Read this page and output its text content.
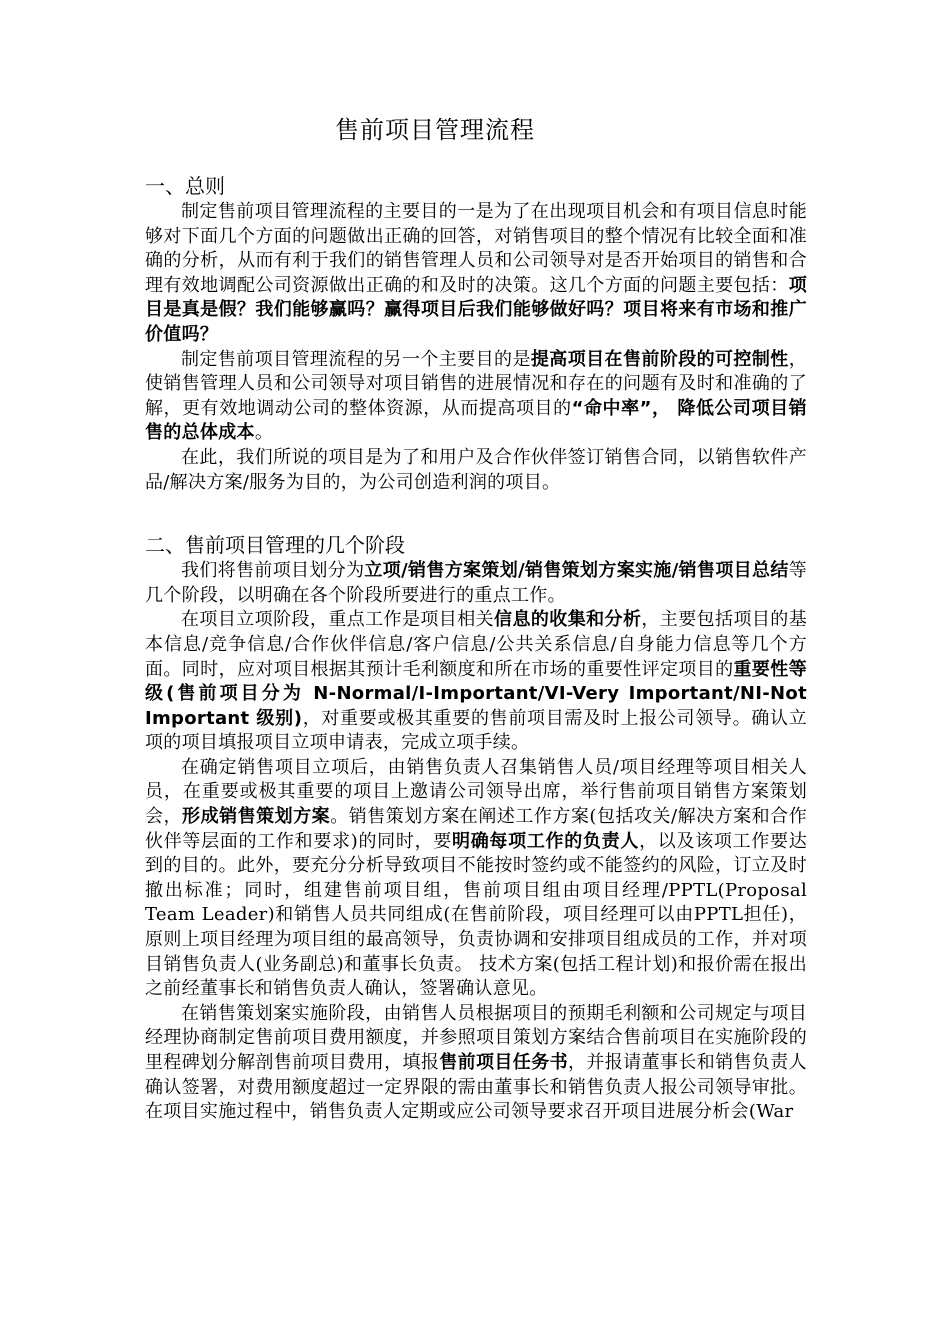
售前项目管理流程
一、总则

制定售前项目管理流程的主要目的一是为了在出现项目机会和有项目信息时能够对下面几个方面的问题做出正确的回答，对销售项目的整个情况有比较全面和准确的分析，从而有利于我们的销售管理人员和公司领导对是否开始项目的销售和合理有效地调配公司资源做出正确的和及时的决策。这几个方面的问题主要包括：项目是真是假？我们能够赢吗？赢得项目后我们能够做好吗？项目将来有市场和推广价值吗？

制定售前项目管理流程的另一个主要目的是提高项目在售前阶段的可控制性，使销售管理人员和公司领导对项目销售的进展情况和存在的问题有及时和准确的了解，更有效地调动公司的整体资源，从而提高项目的“命中率”， 降低公司项目销售的总体成本。

在此，我们所说的项目是为了和用户及合作伙伴签订销售合同，以销售软件产品/解决方案/服务为目的，为公司创造利润的项目。

二、售前项目管理的几个阶段

我们将售前项目划分为立项/销售方案策划/销售策划方案实施/销售项目总结等几个阶段，以明确在各个阶段所要进行的重点工作。

在项目立项阶段，重点工作是项目相关信息的收集和分析，主要包括项目的基本信息/竞争信息/合作伙伴信息/客户信息/公共关系信息/自身能力信息等几个方面。同时，应对项目根据其预计毛利额度和所在市场的重要性评定项目的重要性等级(售前项目分为 N-Normal/I-Important/VI-Very Important/NI-Not Important 级别)，对重要或极其重要的售前项目需及时上报公司领导。确认立项的项目填报项目立项申请表，完成立项手续。

在确定销售项目立项后，由销售负责人召集销售人员/项目经理等项目相关人员，在重要或极其重要的项目上邀请公司领导出席，举行售前项目销售方案策划会，形成销售策划方案。销售策划方案在阐述工作方案(包括攻关/解决方案和合作伙伴等层面的工作和要求)的同时，要明确每项工作的负责人，以及该项工作要达到的目的。此外，要充分分析导致项目不能按时签约或不能签约的风险，订立及时撤出标准；同时，组建售前项目组，售前项目组由项目经理/PPTL(Proposal Team Leader)和销售人员共同组成(在售前阶段，项目经理可以由PPTL担任)，原则上项目经理为项目组的最高领导，负责协调和安排项目组成员的工作，并对项目销售负责人(业务副总)和董事长负责。 技术方案(包括工程计划)和报价需在报出之前经董事长和销售负责人确认，签署确认意见。

在销售策划案实施阶段，由销售人员根据项目的预期毛利额和公司规定与项目经理协商制定售前项目费用额度，并参照项目策划方案结合售前项目在实施阶段的里程碑划分解剖售前项目费用，填报售前项目任务书，并报请董事长和销售负责人确认签署，对费用额度超过一定界限的需由董事长和销售负责人报公司领导审批。在项目实施过程中，销售负责人定期或应公司领导要求召开项目进展分析会(War
